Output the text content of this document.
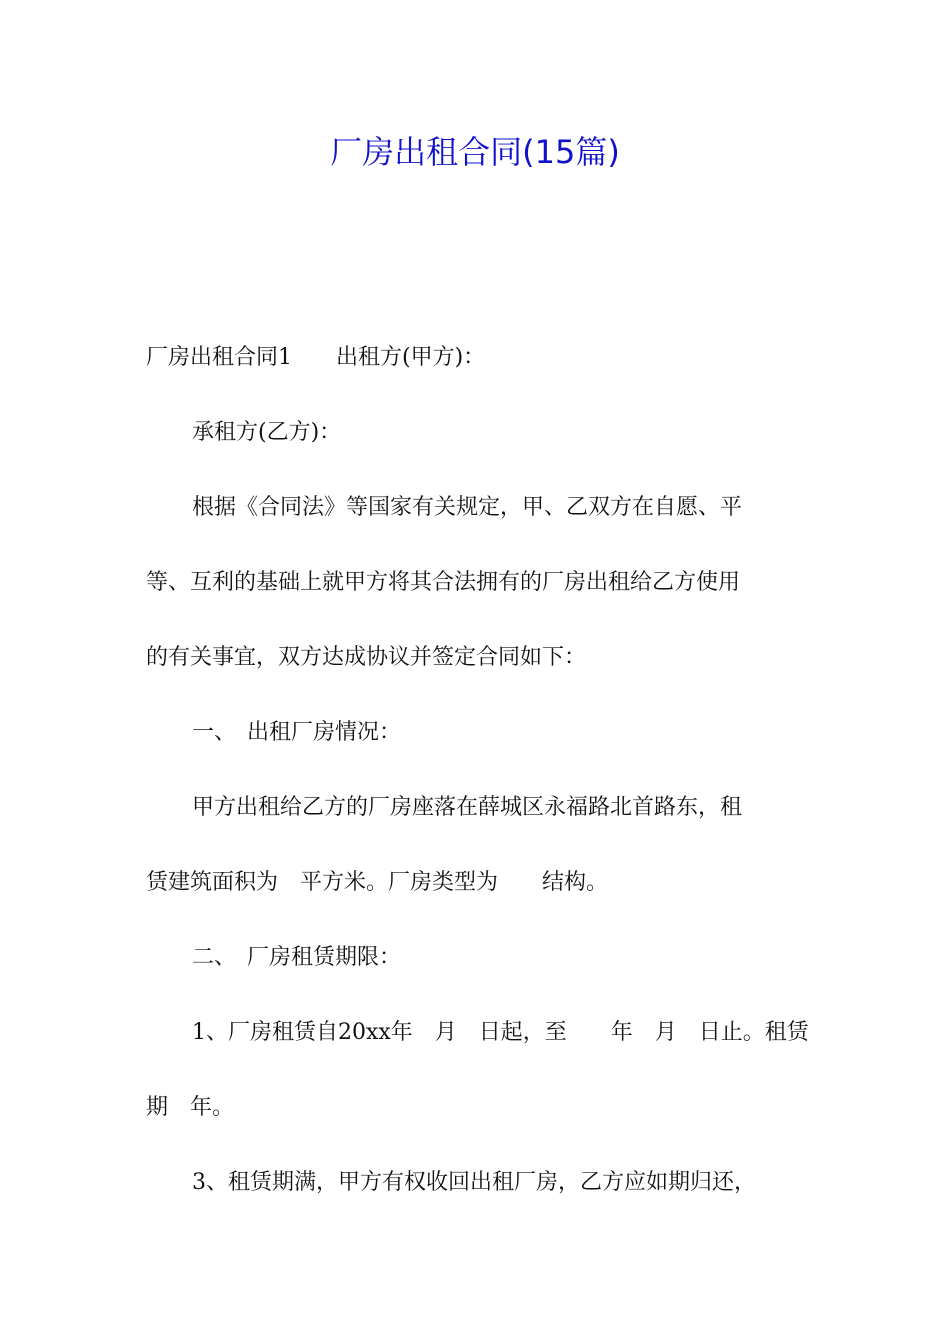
厂房出租合同(15篇)

厂房出租合同1　　出租方(甲方)：

承租方(乙方)：

根据《合同法》等国家有关规定，甲、乙双方在自愿、平

等、互利的基础上就甲方将其合法拥有的厂房出租给乙方使用

的有关事宜，双方达成协议并签定合同如下：

一、　出租厂房情况：

甲方出租给乙方的厂房座落在薛城区永福路北首路东，租

赁建筑面积为　平方米。厂房类型为　　结构。

二、　厂房租赁期限：

1、厂房租赁自20xx年　月　日起，至　　年　月　日止。租赁

期　年。

3、租赁期满，甲方有权收回出租厂房，乙方应如期归还，
